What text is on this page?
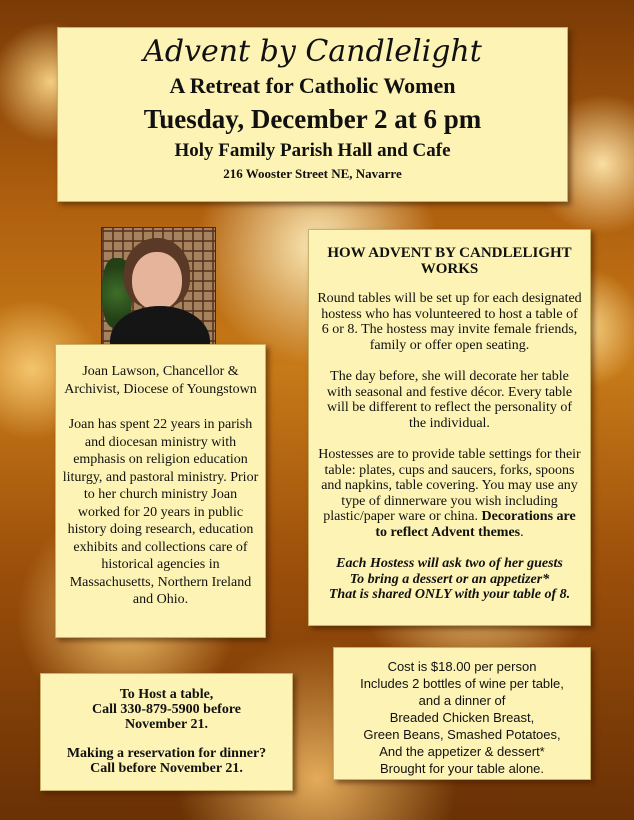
Advent by Candlelight
A Retreat for Catholic Women
Tuesday, December 2 at 6 pm
Holy Family Parish Hall and Cafe
216 Wooster Street NE, Navarre

Joan Lawson, Chancellor & Archivist, Diocese of Youngstown

Joan has spent 22 years in parish and diocesan ministry with emphasis on religion education liturgy, and pastoral ministry. Prior to her church ministry Joan worked for 20 years in public history doing research, education exhibits and collections care of historical agencies in Massachusetts, Northern Ireland and Ohio.

HOW ADVENT BY CANDLELIGHT WORKS

Round tables will be set up for each designated hostess who has volunteered to host a table of 6 or 8. The hostess may invite female friends, family or offer open seating.

The day before, she will decorate her table with seasonal and festive décor. Every table will be different to reflect the personality of the individual.

Hostesses are to provide table settings for their table: plates, cups and saucers, forks, spoons and napkins, table covering. You may use any type of dinnerware you wish including plastic/paper ware or china. Decorations are to reflect Advent themes.

Each Hostess will ask two of her guests
To bring a dessert or an appetizer*
That is shared ONLY with your table of 8.

To Host a table,
Call 330-879-5900 before
November 21.

Making a reservation for dinner?
Call before November 21.

Cost is $18.00 per person
Includes 2 bottles of wine per table,
and a dinner of
Breaded Chicken Breast,
Green Beans, Smashed Potatoes,
And the appetizer & dessert*
Brought for your table alone.
